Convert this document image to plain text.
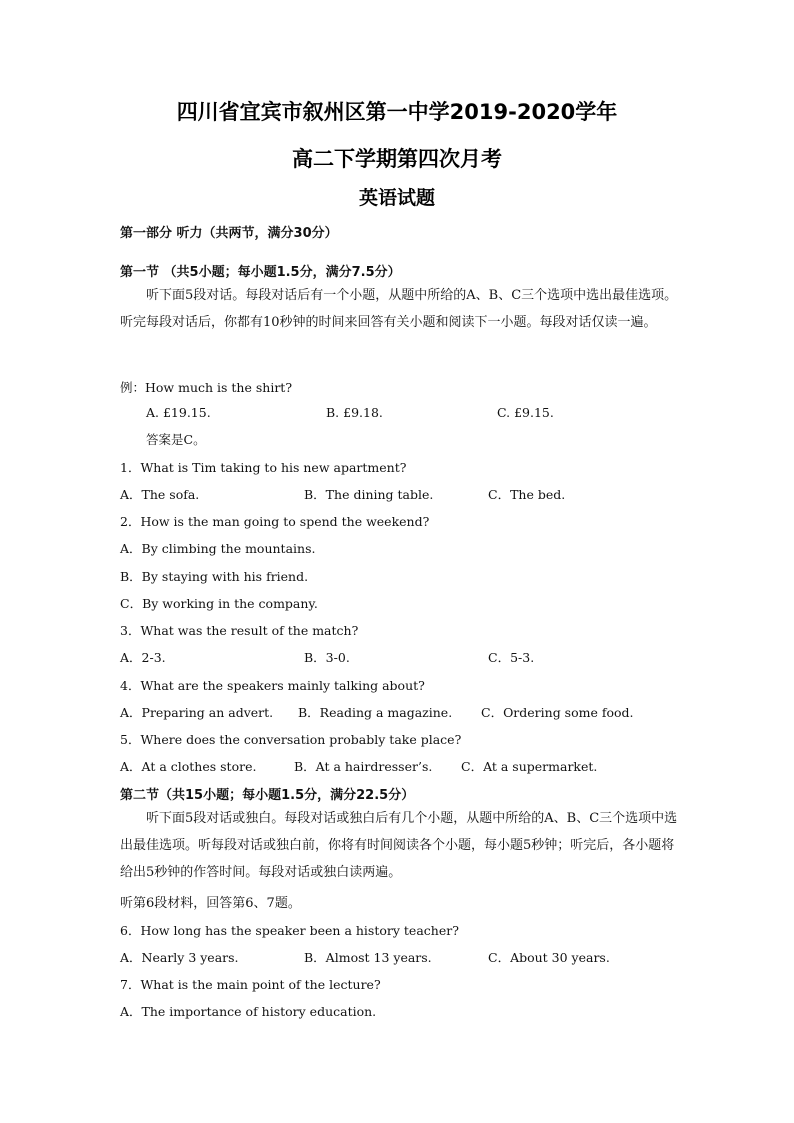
四川省宜宾市叙州区第一中学2019-2020学年
高二下学期第四次月考
英语试题
第一部分 听力（共两节，满分30分）
第一节 （共5小题；每小题1.5分，满分7.5分）

听下面5段对话。每段对话后有一个小题，从题中所给的A、B、C三个选项中选出最佳选项。听完每段对话后，你都有10秒钟的时间来回答有关小题和阅读下一小题。每段对话仅读一遍。

例：How much is the shirt?
A. £19.15.	B. £9.18.	C. £9.15.
答案是C。
1．What is Tim taking to his new apartment?
A．The sofa.	B．The dining table.	C．The bed.
2．How is the man going to spend the weekend?
A．By climbing the mountains.
B．By staying with his friend.
C．By working in the company.
3．What was the result of the match?
A．2-3.	B．3-0.	C．5-3.
4．What are the speakers mainly talking about?
A．Preparing an advert. B．Reading a magazine. C．Ordering some food.
5．Where does the conversation probably take place?
A．At a clothes store.	B．At a hairdresser’s. C．At a supermarket.
第二节（共15小题；每小题1.5分，满分22.5分）

听下面5段对话或独白。每段对话或独白后有几个小题，从题中所给的A、B、C三个选项中选出最佳选项。听每段对话或独白前，你将有时间阅读各个小题，每小题5秒钟；听完后，各小题将给出5秒钟的作答时间。每段对话或独白读两遍。

听第6段材料，回答第6、7题。
6．How long has the speaker been a history teacher?
A．Nearly 3 years.	B．Almost 13 years.	C．About 30 years.
7．What is the main point of the lecture?
A．The importance of history education.
